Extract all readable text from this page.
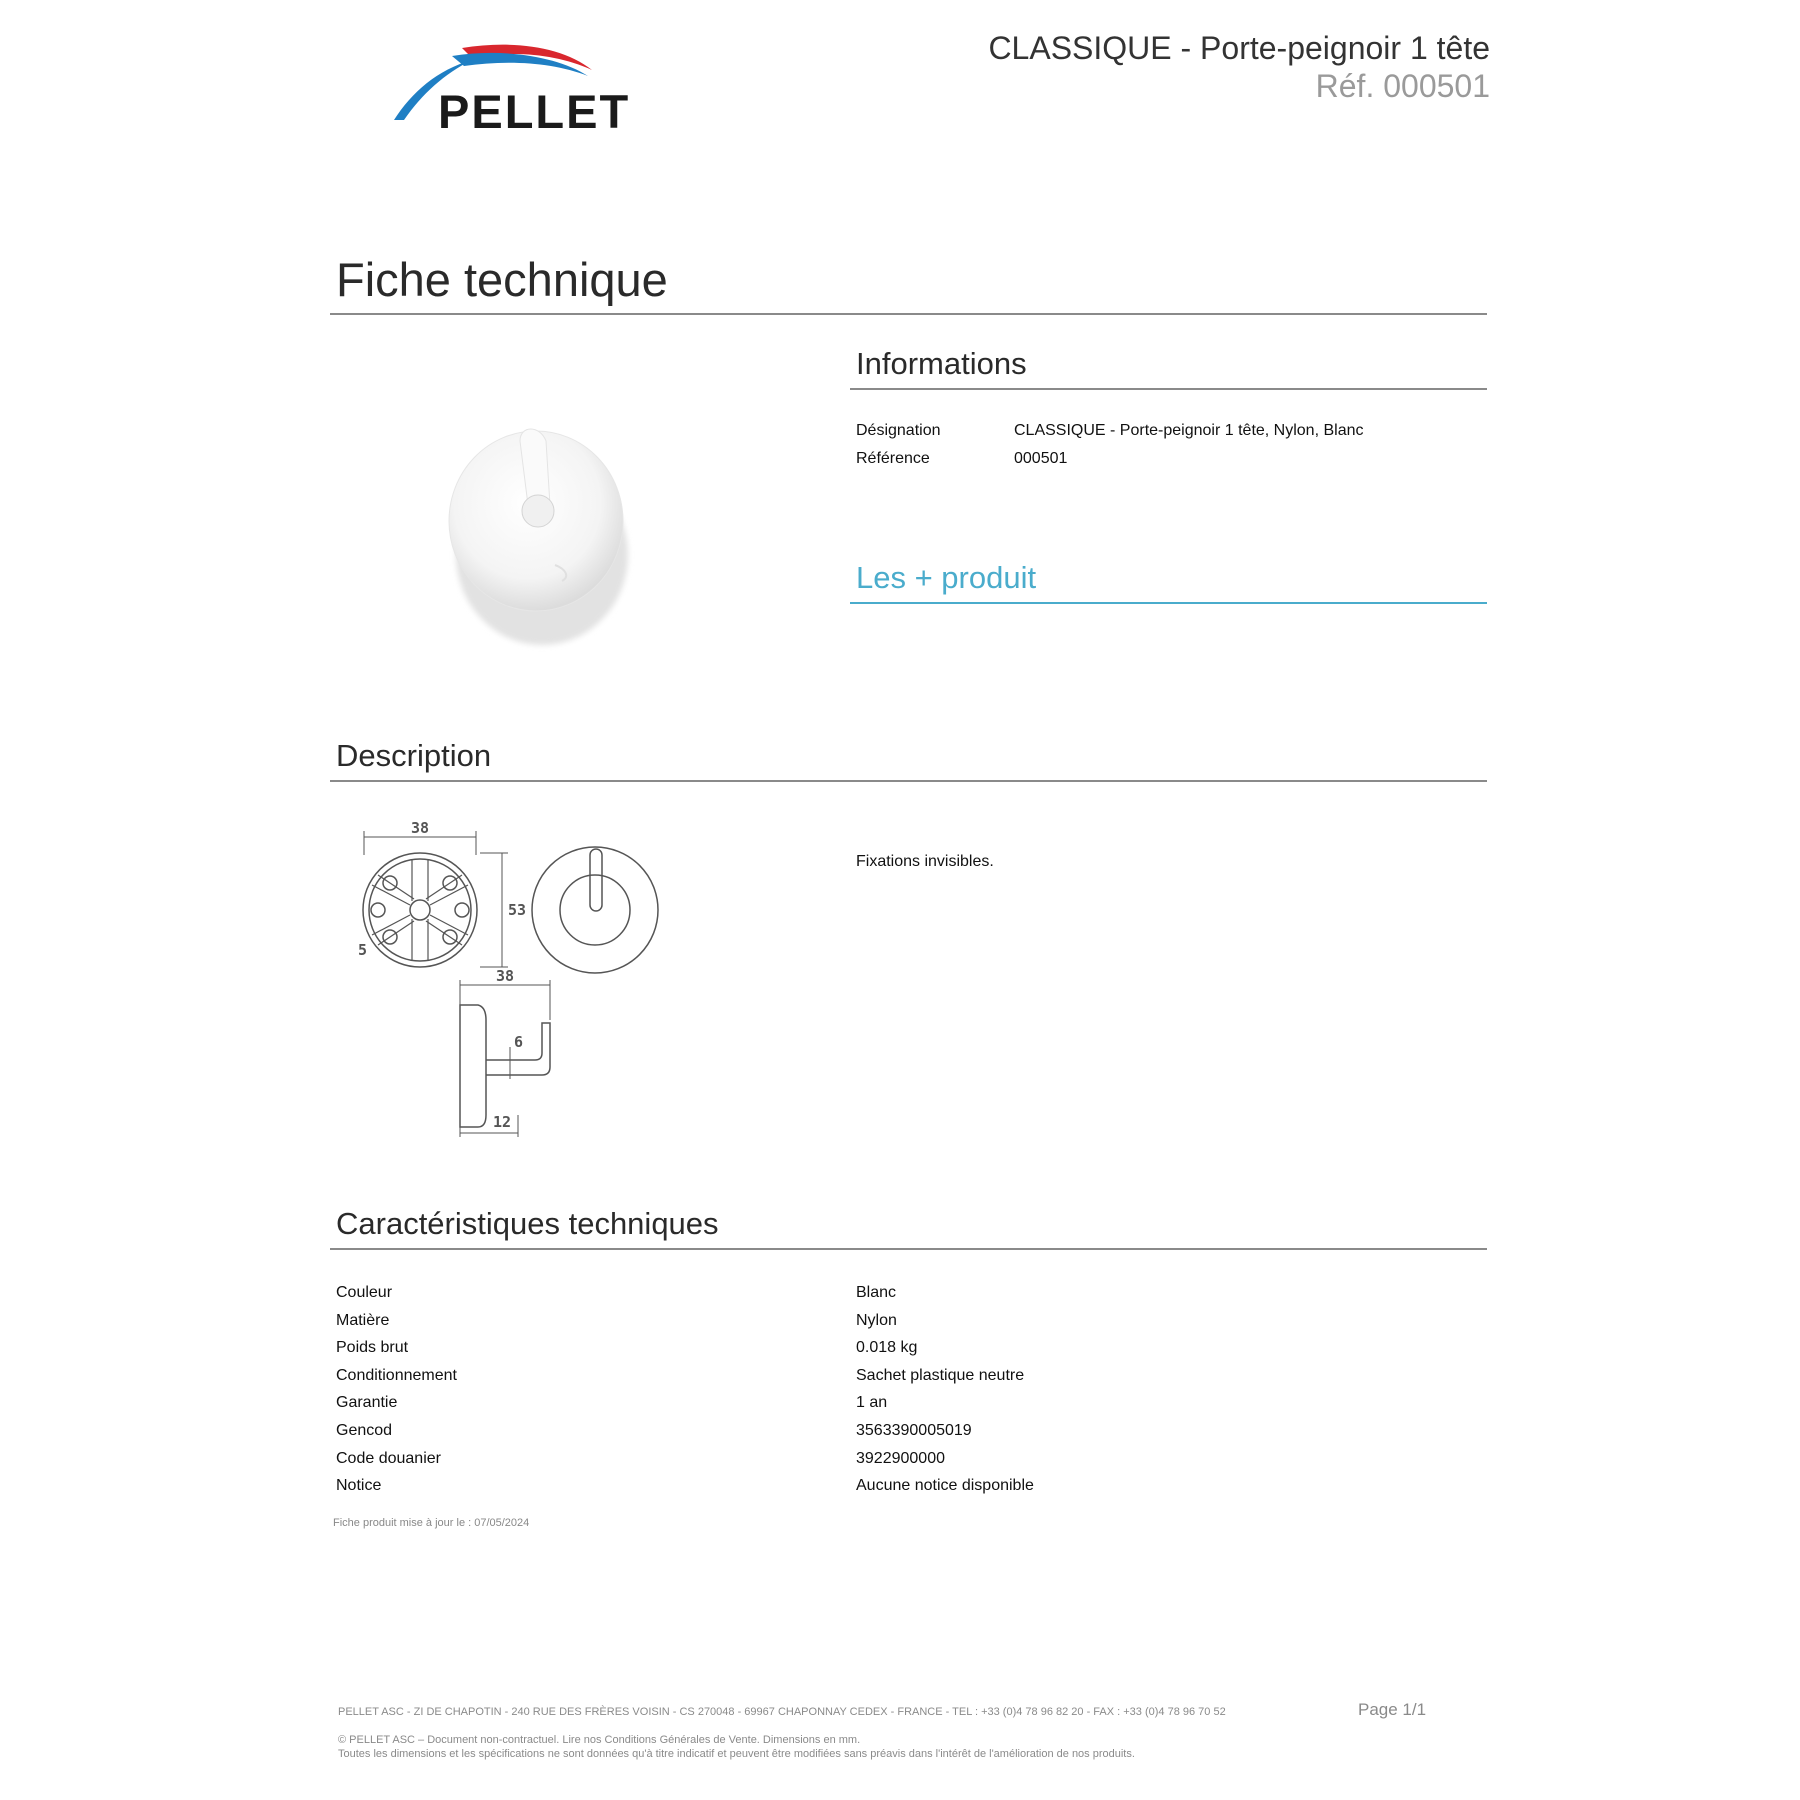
PELLET
CLASSIQUE - Porte-peignoir 1 tête
Réf. 000501
Fiche technique
Informations
Désignation	CLASSIQUE - Porte-peignoir 1 tête, Nylon, Blanc
Référence	000501
Les + produit
Description
Fixations invisibles.
38
53
5
38
6
12
Caractéristiques techniques
Couleur	Blanc
Matière	Nylon
Poids brut	0.018 kg
Conditionnement	Sachet plastique neutre
Garantie	1 an
Gencod	3563390005019
Code douanier	3922900000
Notice	Aucune notice disponible
Fiche produit mise à jour le : 07/05/2024
PELLET ASC - ZI DE CHAPOTIN - 240 RUE DES FRÈRES VOISIN - CS 270048 - 69967 CHAPONNAY CEDEX - FRANCE - TEL : +33 (0)4 78 96 82 20 - FAX : +33 (0)4 78 96 70 52	Page 1/1
© PELLET ASC – Document non-contractuel. Lire nos Conditions Générales de Vente. Dimensions en mm.
Toutes les dimensions et les spécifications ne sont données qu'à titre indicatif et peuvent être modifiées sans préavis dans l'intérêt de l'amélioration de nos produits.
